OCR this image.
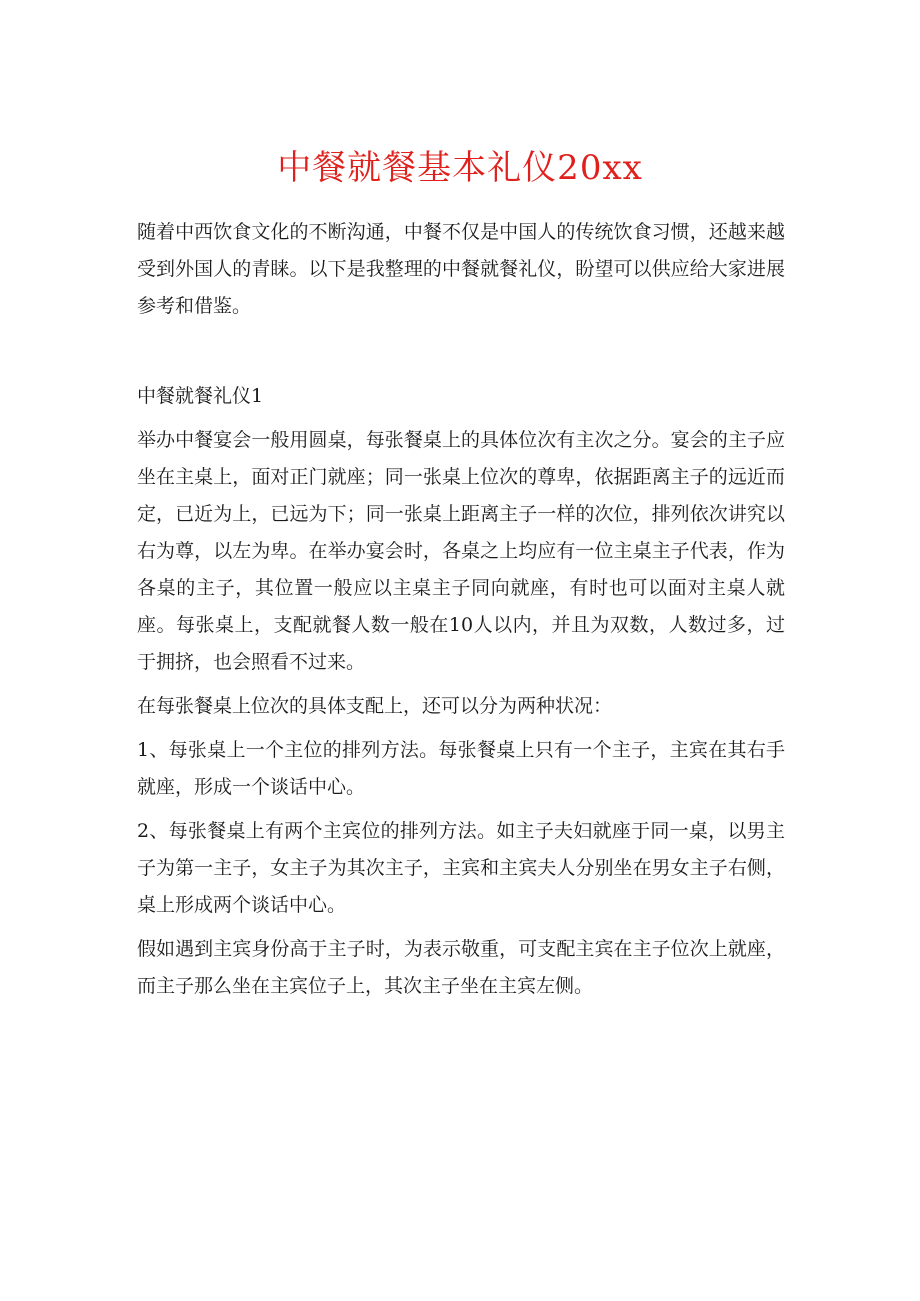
中餐就餐基本礼仪20xx

随着中西饮食文化的不断沟通，中餐不仅是中国人的传统饮食习惯，还越来越受到外国人的青睐。以下是我整理的中餐就餐礼仪，盼望可以供应给大家进展参考和借鉴。

中餐就餐礼仪1

举办中餐宴会一般用圆桌，每张餐桌上的具体位次有主次之分。宴会的主子应坐在主桌上，面对正门就座；同一张桌上位次的尊卑，依据距离主子的远近而定，已近为上，已远为下；同一张桌上距离主子一样的次位，排列依次讲究以右为尊，以左为卑。在举办宴会时，各桌之上均应有一位主桌主子代表，作为各桌的主子，其位置一般应以主桌主子同向就座，有时也可以面对主桌人就座。每张桌上，支配就餐人数一般在10人以内，并且为双数，人数过多，过于拥挤，也会照看不过来。

在每张餐桌上位次的具体支配上，还可以分为两种状况：

1、每张桌上一个主位的排列方法。每张餐桌上只有一个主子，主宾在其右手就座，形成一个谈话中心。

2、每张餐桌上有两个主宾位的排列方法。如主子夫妇就座于同一桌，以男主子为第一主子，女主子为其次主子，主宾和主宾夫人分别坐在男女主子右侧，桌上形成两个谈话中心。

假如遇到主宾身份高于主子时，为表示敬重，可支配主宾在主子位次上就座，而主子那么坐在主宾位子上，其次主子坐在主宾左侧。
